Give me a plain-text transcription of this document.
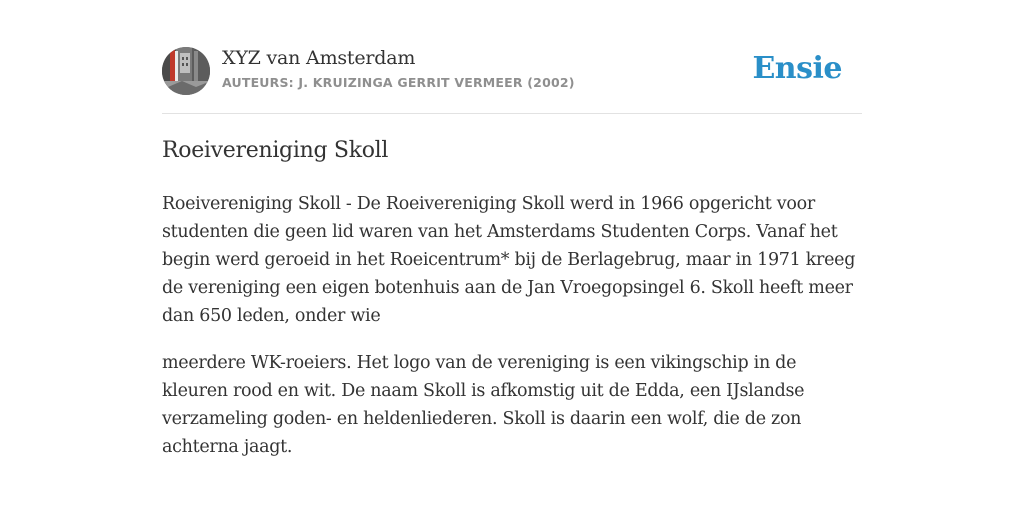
XYZ van Amsterdam
AUTEURS: J. KRUIZINGA GERRIT VERMEER (2002)	Ensie
Roeivereniging Skoll

Roeivereniging Skoll - De Roeivereniging Skoll werd in 1966 opgericht voor
studenten die geen lid waren van het Amsterdams Studenten Corps. Vanaf het
begin werd geroeid in het Roeicentrum* bij de Berlagebrug, maar in 1971 kreeg
de vereniging een eigen botenhuis aan de Jan Vroegopsingel 6. Skoll heeft meer
dan 650 leden, onder wie

meerdere WK-roeiers. Het logo van de vereniging is een vikingschip in de
kleuren rood en wit. De naam Skoll is afkomstig uit de Edda, een IJslandse
verzameling goden- en heldenliederen. Skoll is daarin een wolf, die de zon
achterna jaagt.
